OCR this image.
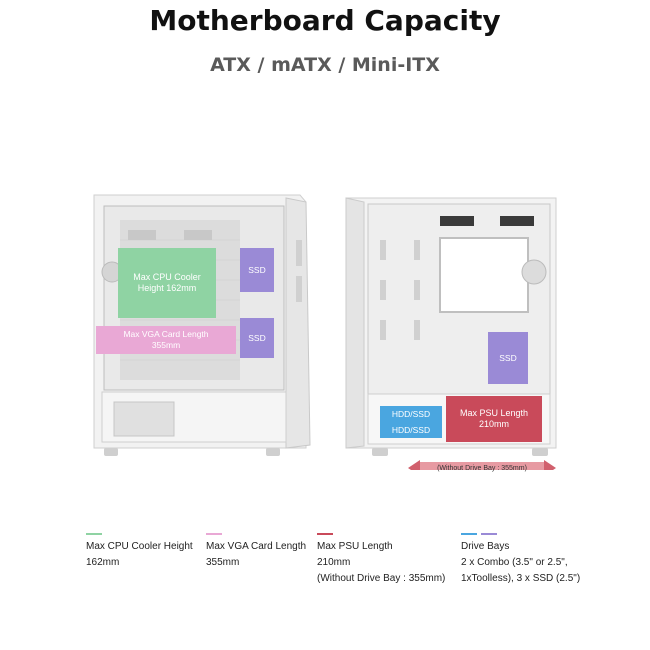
Motherboard Capacity
ATX / mATX / Mini-ITX
Max CPU Cooler Height 162mm
SSD
SSD
Max VGA Card Length 355mm
SSD
HDD/SSD
HDD/SSD
Max PSU Length 210mm
(Without Drive Bay : 355mm)
Max CPU Cooler Height
162mm
Max VGA Card Length
355mm
Max PSU Length
210mm
(Without Drive Bay : 355mm)
Drive Bays
2 x Combo (3.5" or 2.5",
1xToolless), 3 x SSD (2.5")
